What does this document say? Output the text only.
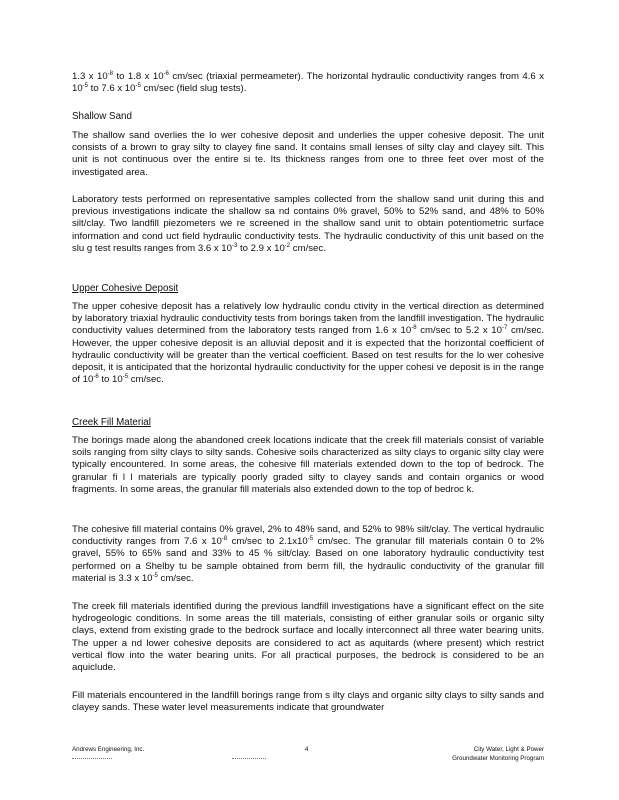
1.3 x $10^{-8}$ to 1.8 x $10^{-6}$ cm/sec (triaxial permeameter). The horizontal hydraulic conductivity ranges from 4.6 x $10^{-5}$ to 7.6 x $10^{-5}$ cm/sec (field slug tests).

Shallow Sand

The shallow sand overlies the lo wer cohesive deposit and underlies the upper cohesive deposit. The unit consists of a brown to gray silty to clayey fine sand. It contains small lenses of silty clay and clayey silt. This unit is not continuous over the entire si te. Its thickness ranges from one to three feet over most of the investigated area.

Laboratory tests performed on representative samples collected from the shallow sand unit during this and previous investigations indicate the shallow sa nd contains 0% gravel, 50% to 52% sand, and 48% to 50% silt/clay. Two landfill piezometers we re screened in the shallow sand unit to obtain potentiometric surface information and cond uct field hydraulic conductivity tests. The hydraulic conductivity of this unit based on the slu g test results ranges from 3.6 x $10^{-3}$ to 2.9 x $10^{-2}$ cm/sec.

Upper Cohesive Deposit

The upper cohesive deposit has a relatively low hydraulic condu ctivity in the vertical direction as determined by laboratory triaxial hydraulic conductivity tests from borings taken from the landfill investigation. The hydraulic conductivity values determined from the laboratory tests ranged from 1.6 x $10^{-8}$ cm/sec to 5.2 x $10^{-7}$ cm/sec. However, the upper cohesive deposit is an alluvial deposit and it is expected that the horizontal coefficient of hydraulic conductivity will be greater than the vertical coefficient. Based on test results for the lo wer cohesive deposit, it is anticipated that the horizontal hydraulic conductivity for the upper cohesi ve deposit is in the range of $10^{-6}$ to $10^{-5}$ cm/sec.

Creek Fill Material

The borings made along the abandoned creek locations indicate that the creek fill materials consist of variable soils ranging from silty clays to silty sands. Cohesive soils characterized as silty clays to organic silty clay were typically encountered. In some areas, the cohesive fill materials extended down to the top of bedrock. The granular fi l l materials are typically poorly graded silty to clayey sands and contain organics or wood fragments. In some areas, the granular fill materials also extended down to the top of bedroc k.

The cohesive fill material contains 0% gravel, 2% to 48% sand, and 52% to 98% silt/clay. The vertical hydraulic conductivity ranges from 7.6 x $10^{-8}$ cm/sec to $2.1x10^{-5}$ cm/sec. The granular fill materials contain 0 to 2% gravel, 55% to 65% sand and 33% to 45 % silt/clay. Based on one laboratory hydraulic conductivity test performed on a Shelby tu be sample obtained from berm fill, the hydraulic conductivity of the granular fill material is 3.3 x $10^{-5}$ cm/sec.

The creek fill materials identified during the previous landfill investigations have a significant effect on the site hydrogeologic conditions. In some areas the till materials, consisting of either granular soils or organic silty clays, extend from existing grade to the bedrock surface and locally interconnect all three water bearing units. The upper a nd lower cohesive deposits are considered to act as aquitards (where present) which restrict vertical flow into the water bearing units. For all practical purposes, the bedrock is considered to be an aquiclude.

Fill materials encountered in the landfill borings range from s ilty clays and organic silty clays to silty sands and clayey sands. These water level measurements indicate that groundwater

Andrews Engineering, Inc.	4	City Water, Light & Power
Groundwater Monitoring Program
